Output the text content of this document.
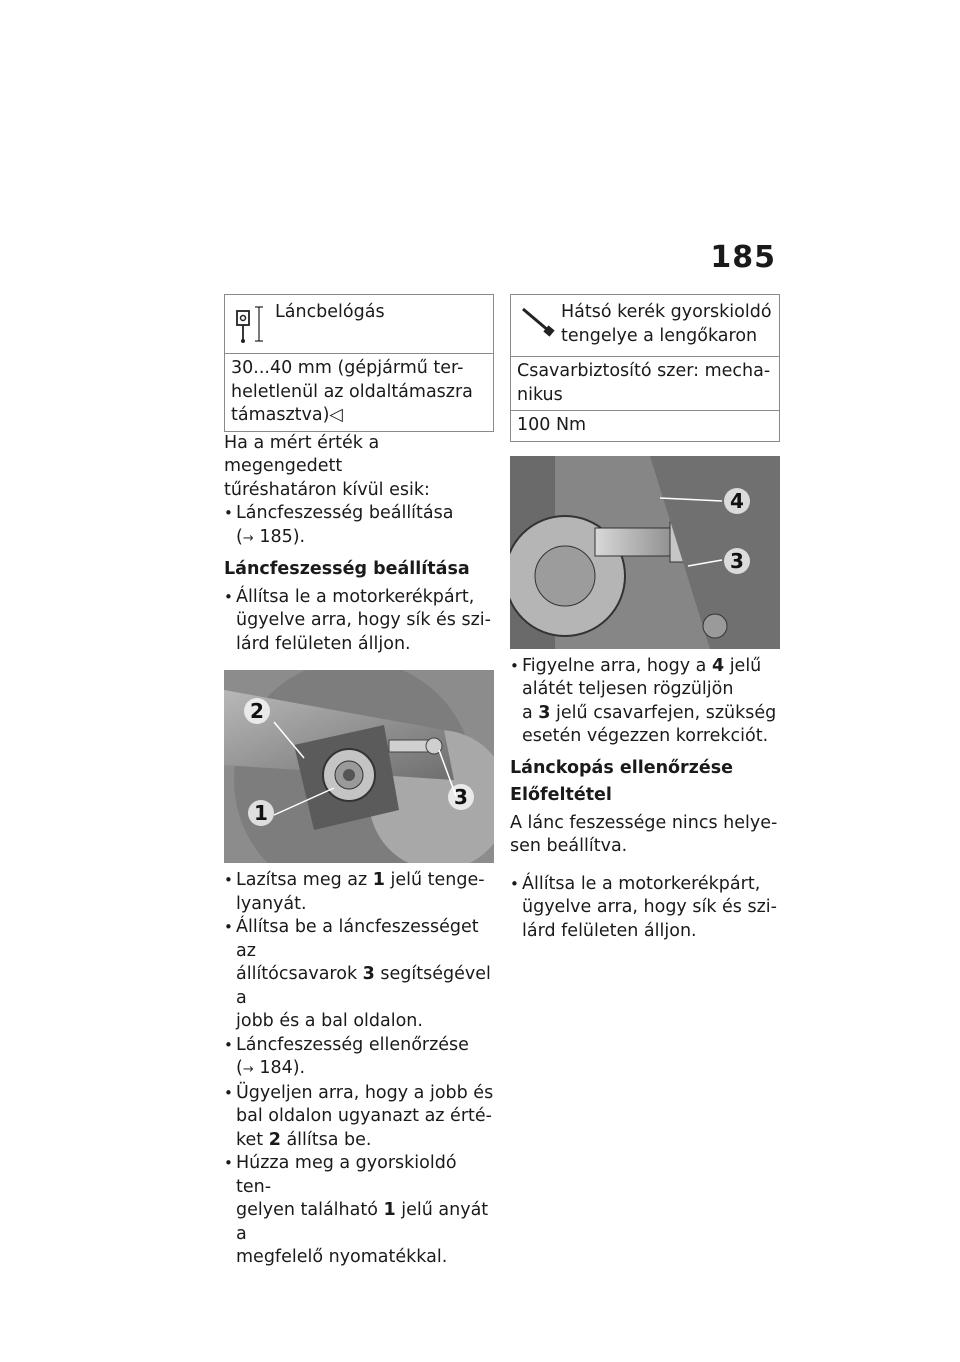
185
Láncbelógás
30...40 mm (gépjármű ter-
heletlenül az oldaltámaszra
támasztva)◁

Ha a mért érték a megengedett
tűréshatáron kívül esik:

• Láncfeszesség beállítása
(→ 185).
Láncfeszesség beállítása
• Állítsa le a motorkerékpárt,
ügyelve arra, hogy sík és szi-
lárd felületen álljon.
2
1
3
• Lazítsa meg az 1 jelű tenge-
lyanyát.
• Állítsa be a láncfeszességet az
állítócsavarok 3 segítségével a
jobb és a bal oldalon.
• Láncfeszesség ellenőrzése
(→ 184).
• Ügyeljen arra, hogy a jobb és
bal oldalon ugyanazt az érté-
ket 2 állítsa be.
• Húzza meg a gyorskioldó ten-
gelyen található 1 jelű anyát a
megfelelő nyomatékkal.
Hátsó kerék gyorskioldó
tengelye a lengőkaron
Csavarbiztosító szer: mecha-
nikus
100 Nm
4
3
• Figyelne arra, hogy a 4 jelű
alátét teljesen rögzüljön
a 3 jelű csavarfejen, szükség
esetén végezzen korrekciót.
Lánckopás ellenőrzése
Előfeltétel

A lánc feszessége nincs helye-
sen beállítva.

• Állítsa le a motorkerékpárt,
ügyelve arra, hogy sík és szi-
lárd felületen álljon.
